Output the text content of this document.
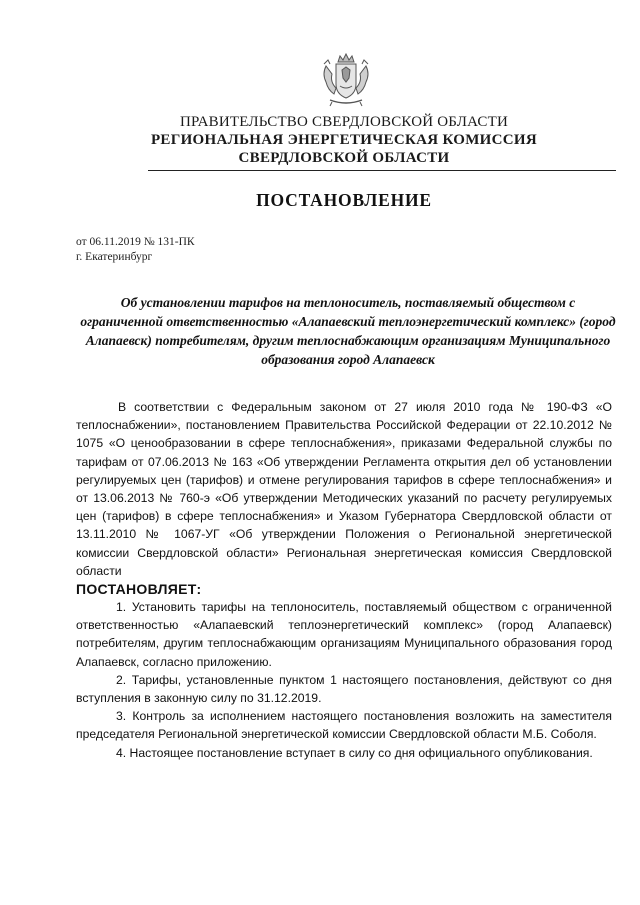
ПРАВИТЕЛЬСТВО СВЕРДЛОВСКОЙ ОБЛАСТИ
РЕГИОНАЛЬНАЯ ЭНЕРГЕТИЧЕСКАЯ КОМИССИЯ
СВЕРДЛОВСКОЙ ОБЛАСТИ
ПОСТАНОВЛЕНИЕ
от 06.11.2019 № 131-ПК
г. Екатеринбург
Об установлении тарифов на теплоноситель, поставляемый обществом с ограниченной ответственностью «Алапаевский теплоэнергетический комплекс» (город Алапаевск) потребителям, другим теплоснабжающим организациям Муниципального образования город Алапаевск

В соответствии с Федеральным законом от 27 июля 2010 года № 190-ФЗ «О теплоснабжении», постановлением Правительства Российской Федерации от 22.10.2012 № 1075 «О ценообразовании в сфере теплоснабжения», приказами Федеральной службы по тарифам от 07.06.2013 № 163 «Об утверждении Регламента открытия дел об установлении регулируемых цен (тарифов) и отмене регулирования тарифов в сфере теплоснабжения» и от 13.06.2013 № 760-э «Об утверждении Методических указаний по расчету регулируемых цен (тарифов) в сфере теплоснабжения» и Указом Губернатора Свердловской области от 13.11.2010 № 1067-УГ «Об утверждении Положения о Региональной энергетической комиссии Свердловской области» Региональная энергетическая комиссия Свердловской области

ПОСТАНОВЛЯЕТ:

1. Установить тарифы на теплоноситель, поставляемый обществом с ограниченной ответственностью «Алапаевский теплоэнергетический комплекс» (город Алапаевск) потребителям, другим теплоснабжающим организациям Муниципального образования город Алапаевск, согласно приложению.

2. Тарифы, установленные пунктом 1 настоящего постановления, действуют со дня вступления в законную силу по 31.12.2019.

3. Контроль за исполнением настоящего постановления возложить на заместителя председателя Региональной энергетической комиссии Свердловской области М.Б. Соболя.

4. Настоящее постановление вступает в силу со дня официального опубликования.
